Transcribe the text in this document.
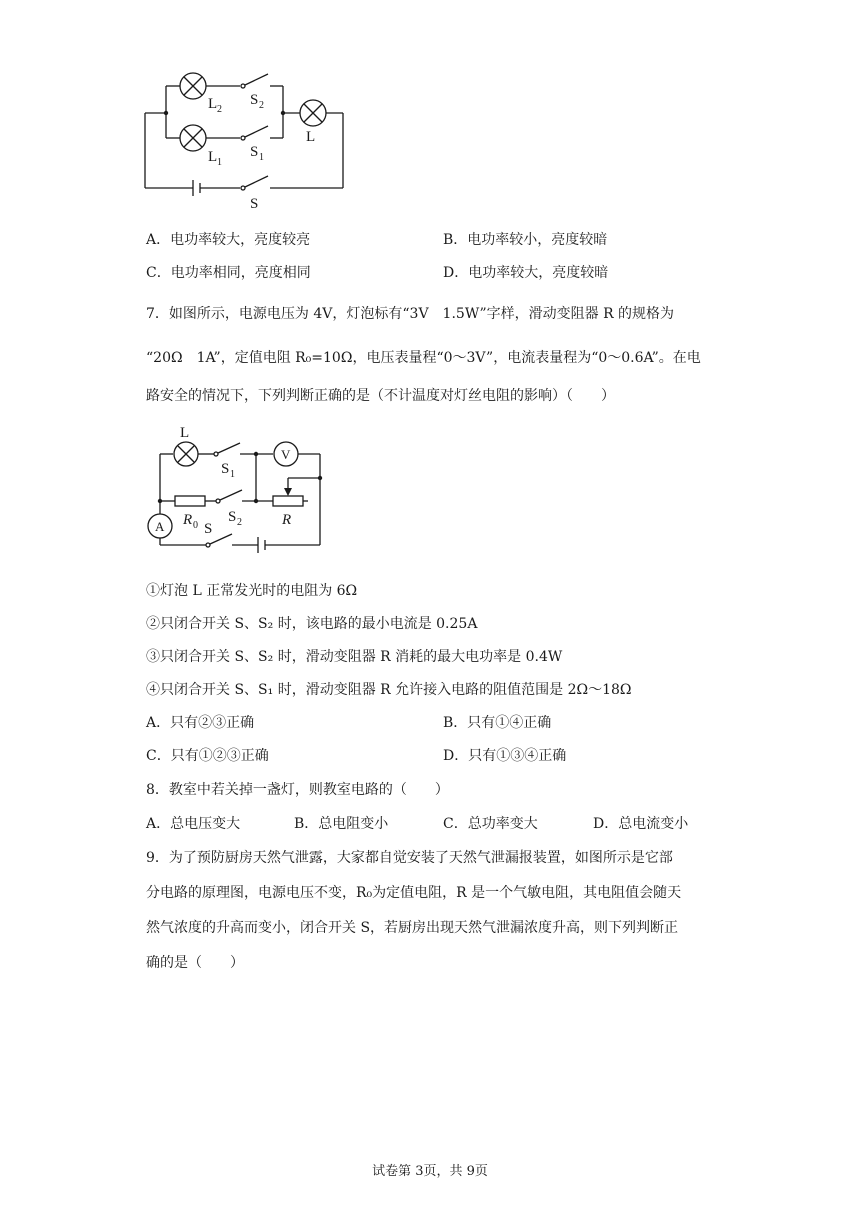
L 2
S 2
L 1
S 1
L
S
A．电功率较大，亮度较亮	B．电功率较小，亮度较暗
C．电功率相同，亮度相同	D．电功率较大，亮度较暗
7．如图所示，电源电压为 4V，灯泡标有“3V　1.5W”字样，滑动变阻器 R 的规格为
“20Ω　1A”，定值电阻 R₀=10Ω，电压表量程“0～3V”，电流表量程为“0～0.6A”。在电
路安全的情况下，下列判断正确的是（不计温度对灯丝电阻的影响）（　　）
L
S 1
V
A R 0
S 2	R
S
①灯泡 L 正常发光时的电阻为 6Ω
②只闭合开关 S、S₂ 时，该电路的最小电流是 0.25A
③只闭合开关 S、S₂ 时，滑动变阻器 R 消耗的最大电功率是 0.4W
④只闭合开关 S、S₁ 时，滑动变阻器 R 允许接入电路的阻值范围是 2Ω～18Ω
A．只有②③正确	B．只有①④正确
C．只有①②③正确	D．只有①③④正确
8．教室中若关掉一盏灯，则教室电路的（　　）
A．总电压变大	B．总电阻变小	C．总功率变大	D．总电流变小
9．为了预防厨房天然气泄露，大家都自觉安装了天然气泄漏报装置，如图所示是它部
分电路的原理图，电源电压不变，R₀为定值电阻，R 是一个气敏电阻，其电阻值会随天
然气浓度的升高而变小，闭合开关 S，若厨房出现天然气泄漏浓度升高，则下列判断正
确的是（　　）
试卷第 3页，共 9页
